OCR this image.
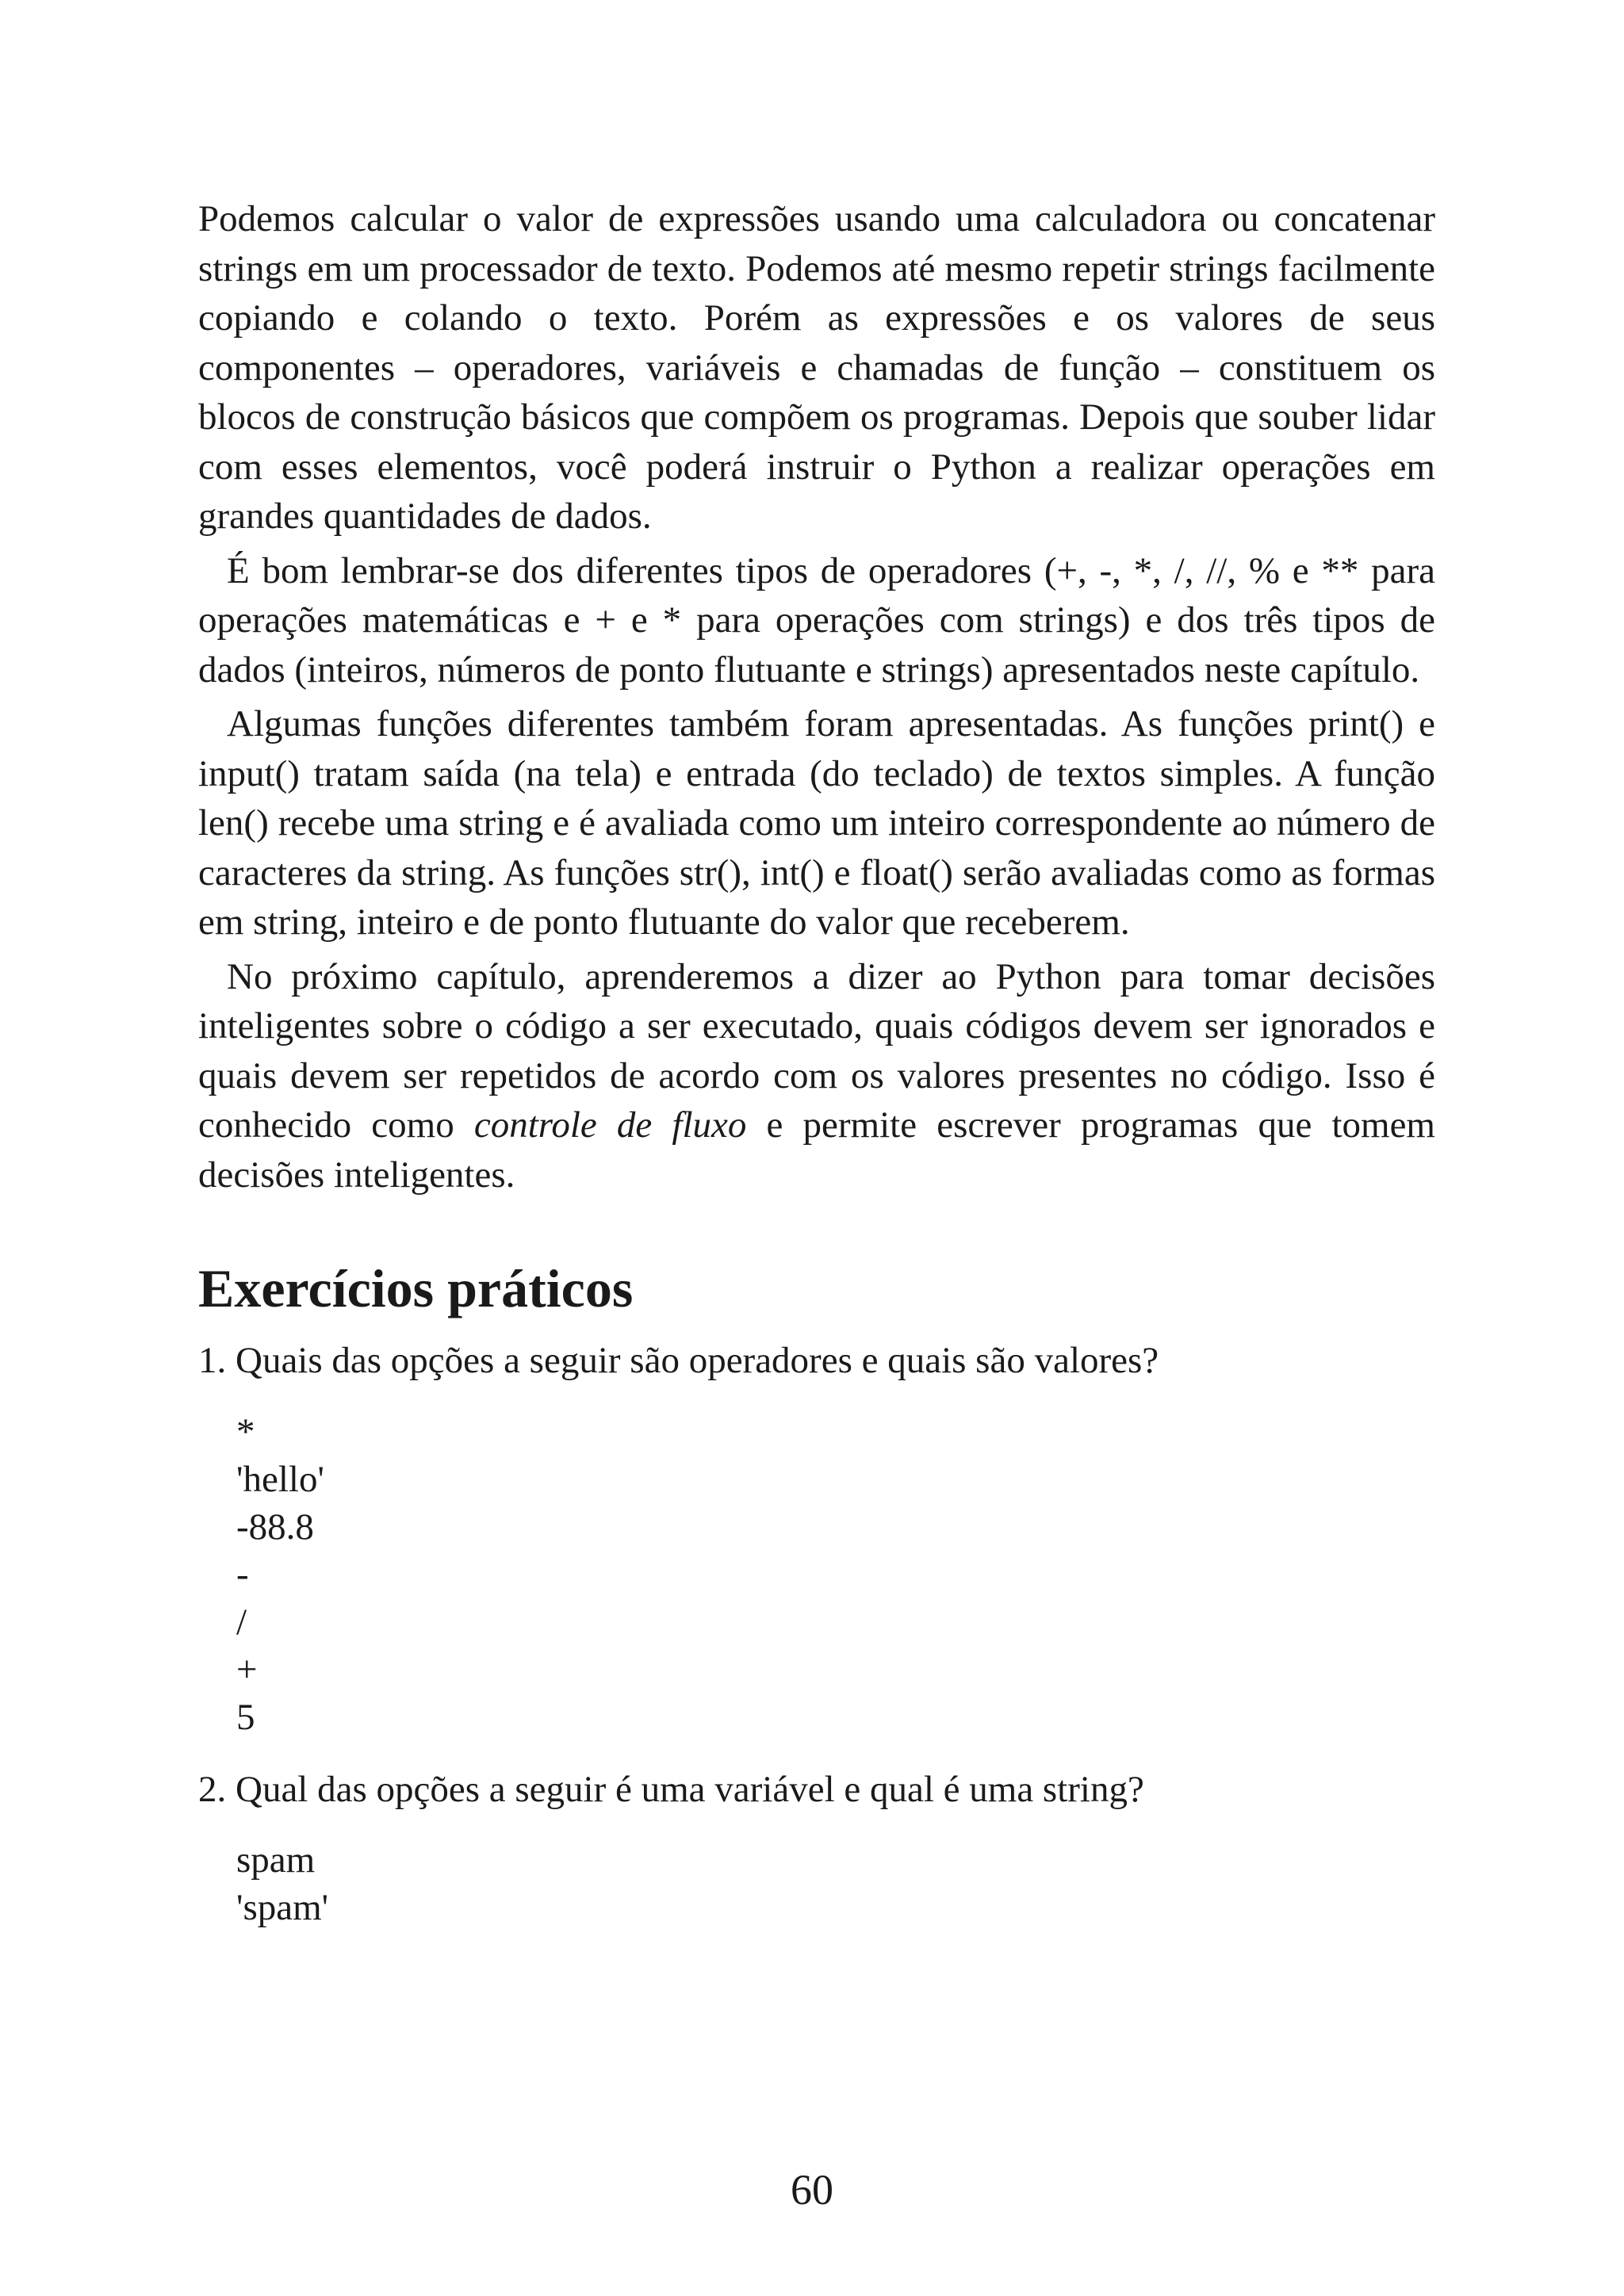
Podemos calcular o valor de expressões usando uma calculadora ou concatenar strings em um processador de texto. Podemos até mesmo repetir strings facilmente copiando e colando o texto. Porém as expressões e os valores de seus componentes – operadores, variáveis e chamadas de função – constituem os blocos de construção básicos que compõem os programas. Depois que souber lidar com esses elementos, você poderá instruir o Python a realizar operações em grandes quantidades de dados.

É bom lembrar-se dos diferentes tipos de operadores (+, -, *, /, //, % e ** para operações matemáticas e + e * para operações com strings) e dos três tipos de dados (inteiros, números de ponto flutuante e strings) apresentados neste capítulo.

Algumas funções diferentes também foram apresentadas. As funções print() e input() tratam saída (na tela) e entrada (do teclado) de textos simples. A função len() recebe uma string e é avaliada como um inteiro correspondente ao número de caracteres da string. As funções str(), int() e float() serão avaliadas como as formas em string, inteiro e de ponto flutuante do valor que receberem.

No próximo capítulo, aprenderemos a dizer ao Python para tomar decisões inteligentes sobre o código a ser executado, quais códigos devem ser ignorados e quais devem ser repetidos de acordo com os valores presentes no código. Isso é conhecido como controle de fluxo e permite escrever programas que tomem decisões inteligentes.

Exercícios práticos

1. Quais das opções a seguir são operadores e quais são valores?

*
'hello'
-88.8
-
/
+
5

2. Qual das opções a seguir é uma variável e qual é uma string?

spam
'spam'
60
